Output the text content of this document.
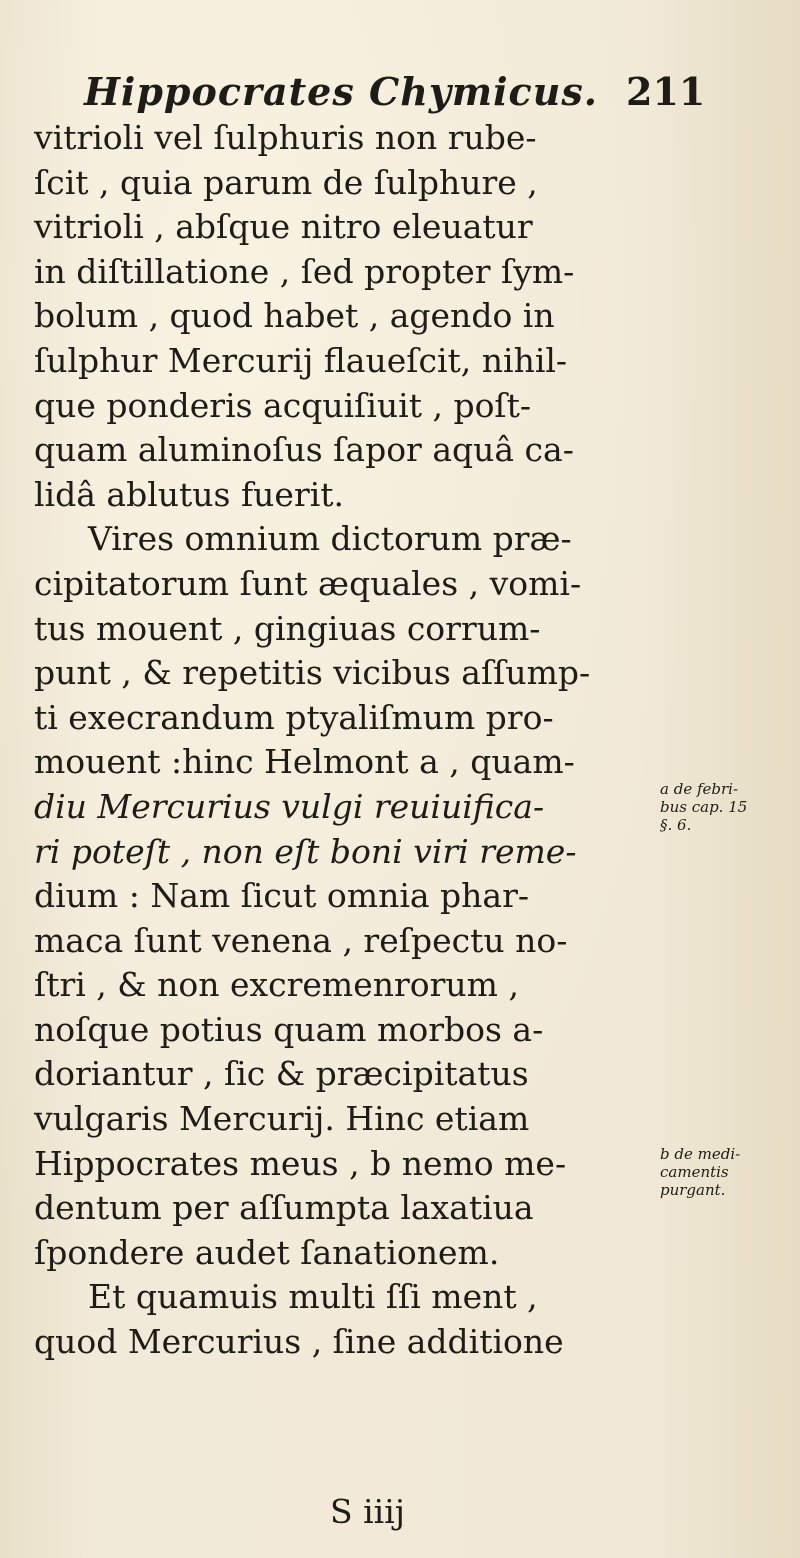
Hippocrates Chymicus. 211
vitrioli vel ſulphuris non rube-
ſcit , quia parum de ſulphure ,
vitrioli , abſque nitro eleuatur
in diſtillatione , ſed propter ſym-
bolum , quod habet , agendo in
ſulphur Mercurij flaueſcit, nihil-
que ponderis acquiſiuit , poſt-
quam aluminoſus ſapor aquâ ca-
lidâ ablutus fuerit.
Vires omnium dictorum præ-
cipitatorum ſunt æquales , vomi-
tus mouent , gingiuas corrum-
punt , & repetitis vicibus aſſump-
ti execrandum ptyaliſmum pro-
mouent :hinc Helmont a , quam-
diu Mercurius vulgi reuiuifica-
ri poteſt , non eſt boni viri reme-
dium : Nam ſicut omnia phar-
maca ſunt venena , reſpectu no-
ſtri , & non excremenrorum ,
noſque potius quam morbos a-
doriantur , ſic & præcipitatus
vulgaris Mercurij. Hinc etiam
Hippocrates meus , b nemo me-
dentum per aſſumpta laxatiua
ſpondere audet ſanationem.
Et quamuis multi ſſi ment ,
quod Mercurius , ſine additione
a de febri-
bus cap. 15
§. 6.
b de medi-
camentis
purgant.
S iiij
